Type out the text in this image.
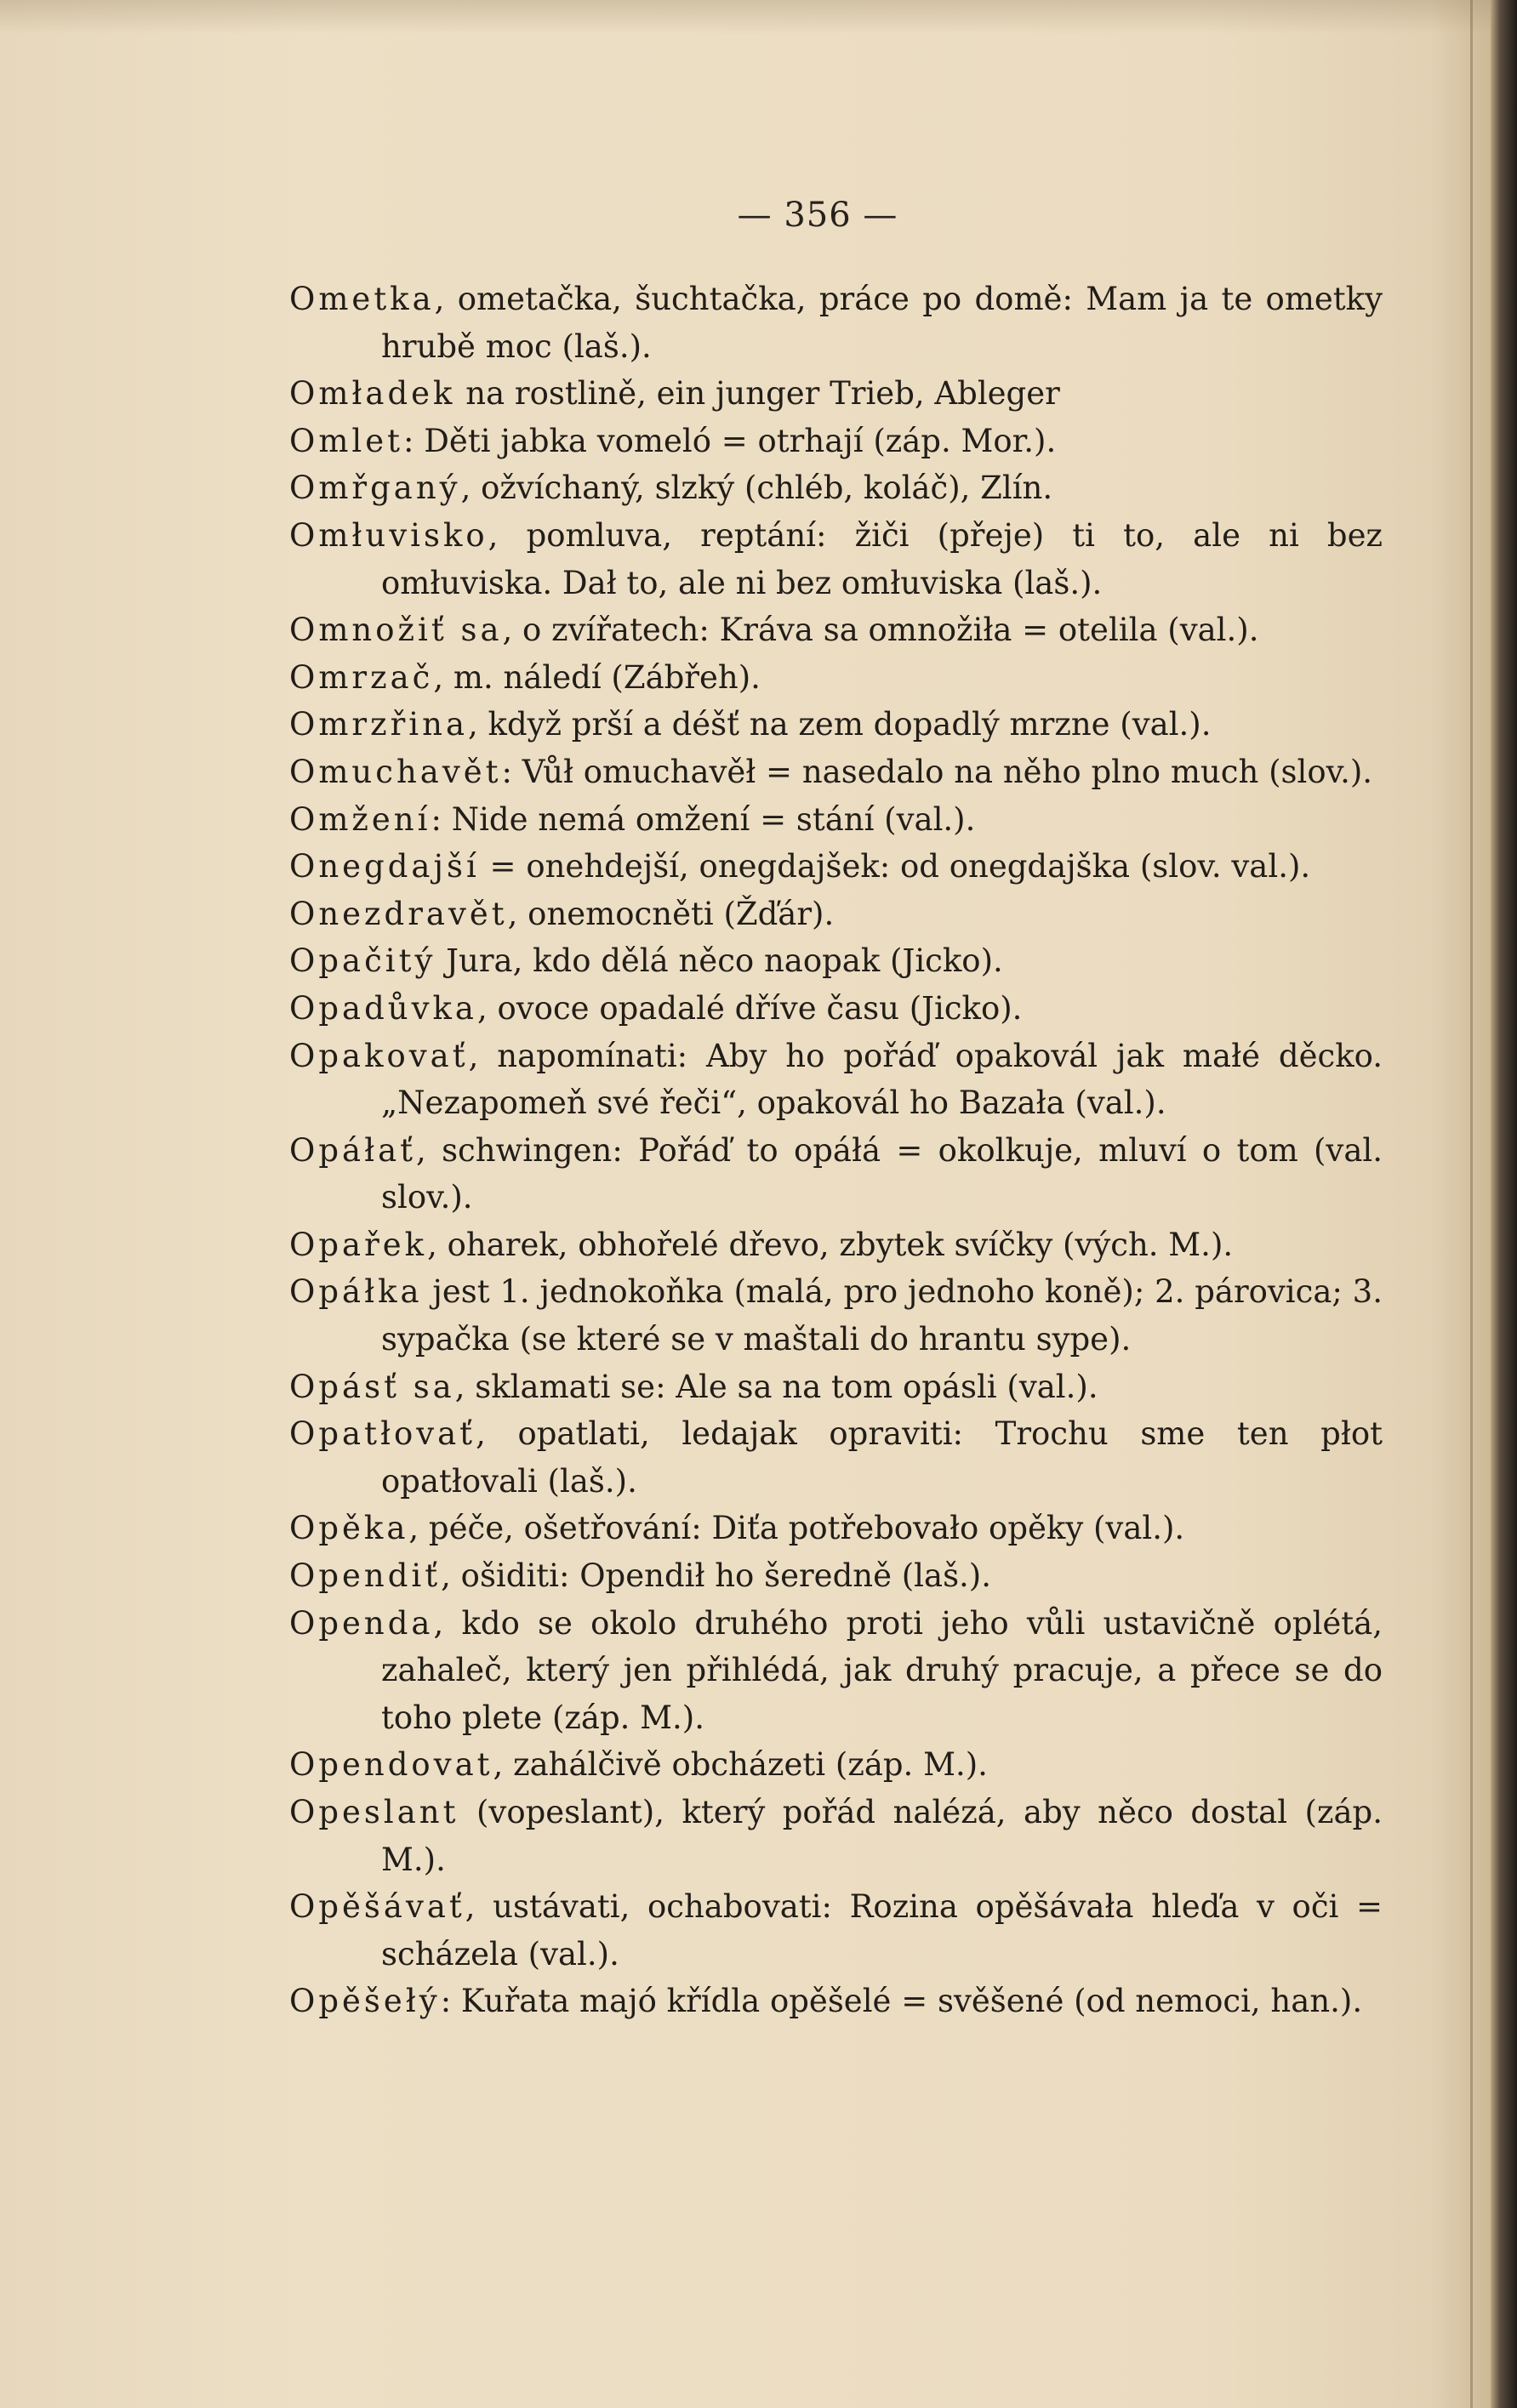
— 356 —

Ometka, ometačka, šuchtačka, práce po domě: Mam ja te ometky hrubě moc (laš.).

Omładek na rostlině, ein junger Trieb, Ableger

Omlet: Děti jabka vomeló = otrhají (záp. Mor.).

Omřganý, ožvíchaný, slzký (chléb, koláč), Zlín.

Omłuvisko, pomluva, reptání: žiči (přeje) ti to, ale ni bez omłuviska. Dał to, ale ni bez omłuviska (laš.).

Omnožiť sa, o zvířatech: Kráva sa omnožiła = otelila (val.).

Omrzač, m. náledí (Zábřeh).

Omrzřina, když prší a déšť na zem dopadlý mrzne (val.).

Omuchavět: Vůł omuchavěł = nasedalo na něho plno much (slov.).

Omžení: Nide nemá omžení = stání (val.).

Onegdajší = onehdejší, onegdajšek: od onegdajška (slov. val.).

Onezdravět, onemocněti (Žďár).

Opačitý Jura, kdo dělá něco naopak (Jicko).

Opadůvka, ovoce opadalé dříve času (Jicko).

Opakovať, napomínati: Aby ho pořáď opakovál jak małé děcko. „Nezapomeň své řeči“, opakovál ho Bazała (val.).

Opáłať, schwingen: Pořáď to opáłá = okolkuje, mluví o tom (val. slov.).

Opařek, oharek, obhořelé dřevo, zbytek svíčky (vých. M.).

Opáłka jest 1. jednokoňka (malá, pro jednoho koně); 2. párovica; 3. sypačka (se které se v maštali do hrantu sype).

Opásť sa, sklamati se: Ale sa na tom opásli (val.).

Opatłovať, opatlati, ledajak opraviti: Trochu sme ten płot opatłovali (laš.).

Opěka, péče, ošetřování: Diťa potřebovało opěky (val.).

Opendiť, ošiditi: Opendił ho šeredně (laš.).

Openda, kdo se okolo druhého proti jeho vůli ustavičně oplétá, zahaleč, který jen přihlédá, jak druhý pracuje, a přece se do toho plete (záp. M.).

Opendovat, zahálčivě obcházeti (záp. M.).

Opeslant (vopeslant), který pořád nalézá, aby něco dostal (záp. M.).

Opěšávať, ustávati, ochabovati: Rozina opěšávała hleďa v oči = scházela (val.).

Opěšełý: Kuřata majó křídla opěšelé = svěšené (od nemoci, han.).
